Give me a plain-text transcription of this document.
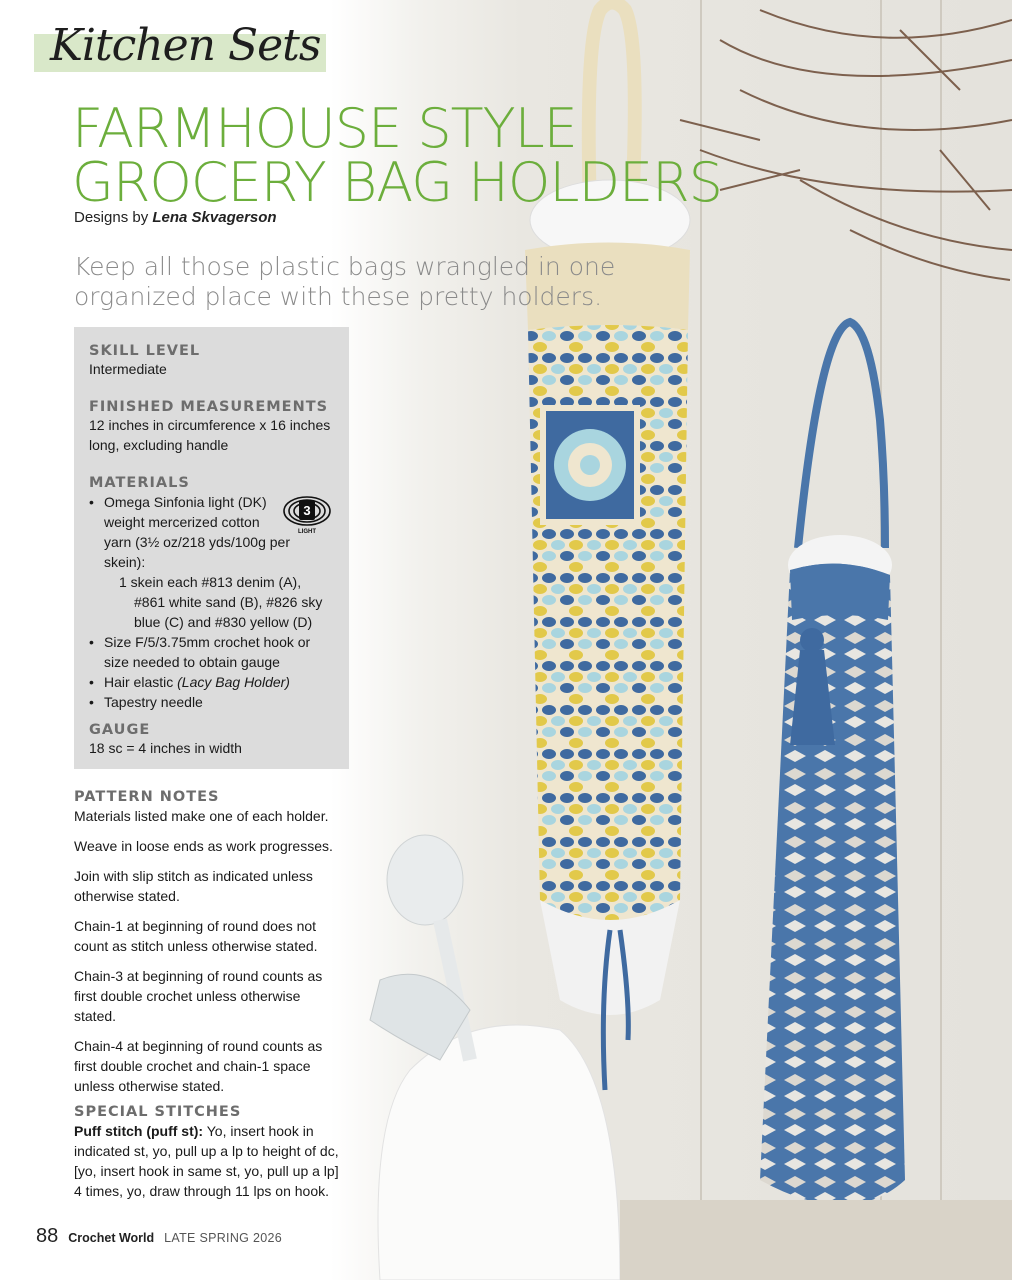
Kitchen Sets
FARMHOUSE STYLE
GROCERY BAG HOLDERS
Designs by Lena Skvagerson
Keep all those plastic bags wrangled in one organized place with these pretty holders.
SKILL LEVEL
Intermediate
FINISHED MEASUREMENTS
12 inches in circumference x 16 inches long, excluding handle
MATERIALS
• Omega Sinfonia light (DK)
weight mercerized cotton
yarn (3½ oz/218 yds/100g per skein):
1 skein each #813 denim (A),
#861 white sand (B), #826 sky
blue (C) and #830 yellow (D)
• Size F/5/3.75mm crochet hook or size needed to obtain gauge
• Hair elastic (Lacy Bag Holder)
• Tapestry needle
GAUGE
18 sc = 4 inches in width
3
LIGHT
PATTERN NOTES
Materials listed make one of each holder.
Weave in loose ends as work progresses.
Join with slip stitch as indicated unless otherwise stated.
Chain-1 at beginning of round does not count as stitch unless otherwise stated.
Chain-3 at beginning of round counts as first double crochet unless otherwise stated.
Chain-4 at beginning of round counts as first double crochet and chain-1 space unless otherwise stated.
SPECIAL STITCHES
Puff stitch (puff st): Yo, insert hook in indicated st, yo, pull up a lp to height of dc, [yo, insert hook in same st, yo, pull up a lp] 4 times, yo, draw through 11 lps on hook.
88 Crochet World LATE SPRING 2026
